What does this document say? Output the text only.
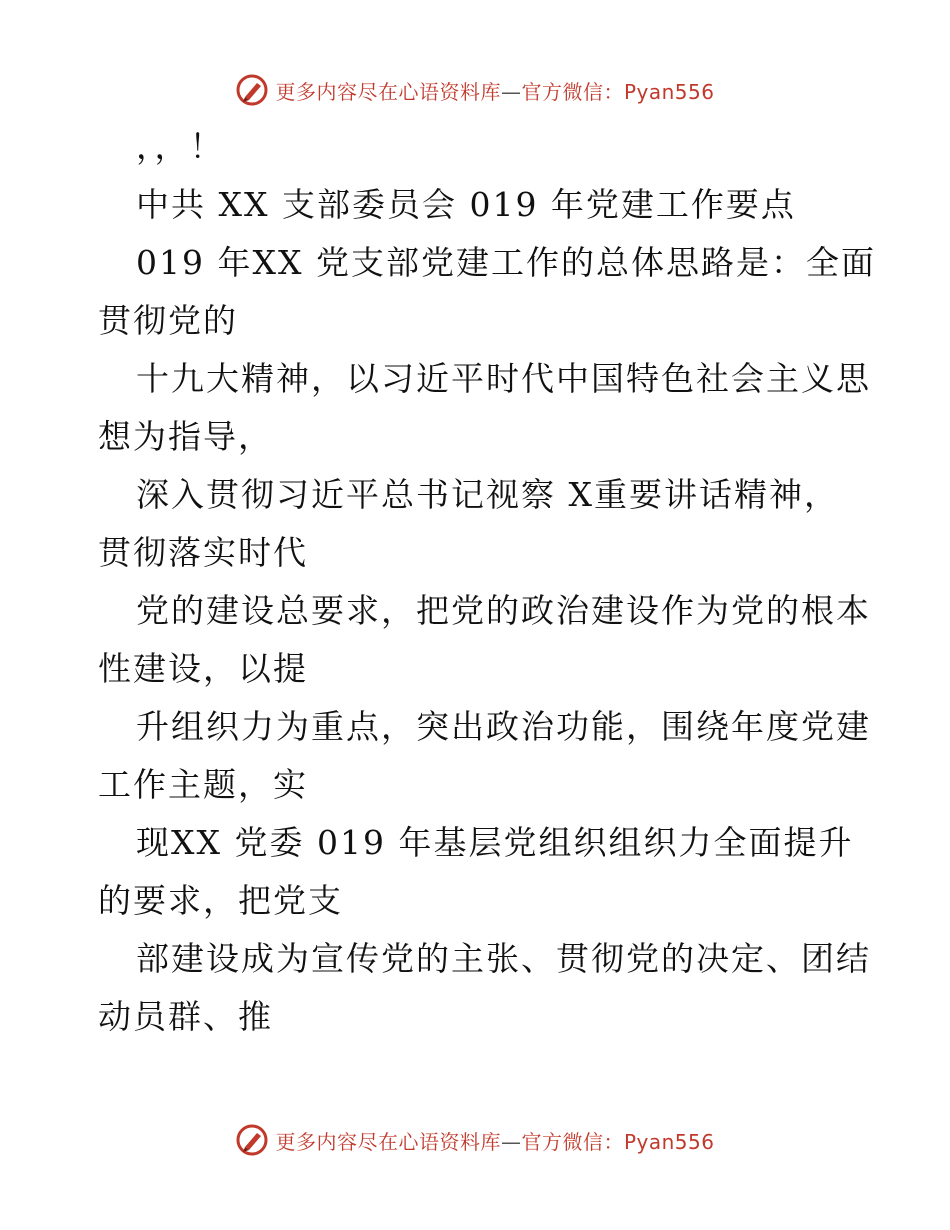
更多内容尽在心语资料库—官方微信：Pyan556
，，！
中共 XX 支部委员会 019 年党建工作要点
019 年XX 党支部党建工作的总体思路是：全面
贯彻党的
十九大精神，以习近平时代中国特色社会主义思
想为指导，
深入贯彻习近平总书记视察 X重要讲话精神，
贯彻落实时代
党的建设总要求，把党的政治建设作为党的根本
性建设，以提
升组织力为重点，突出政治功能，围绕年度党建
工作主题，实
现XX 党委 019 年基层党组织组织力全面提升
的要求，把党支
部建设成为宣传党的主张、贯彻党的决定、团结
动员群、推
更多内容尽在心语资料库—官方微信：Pyan556
